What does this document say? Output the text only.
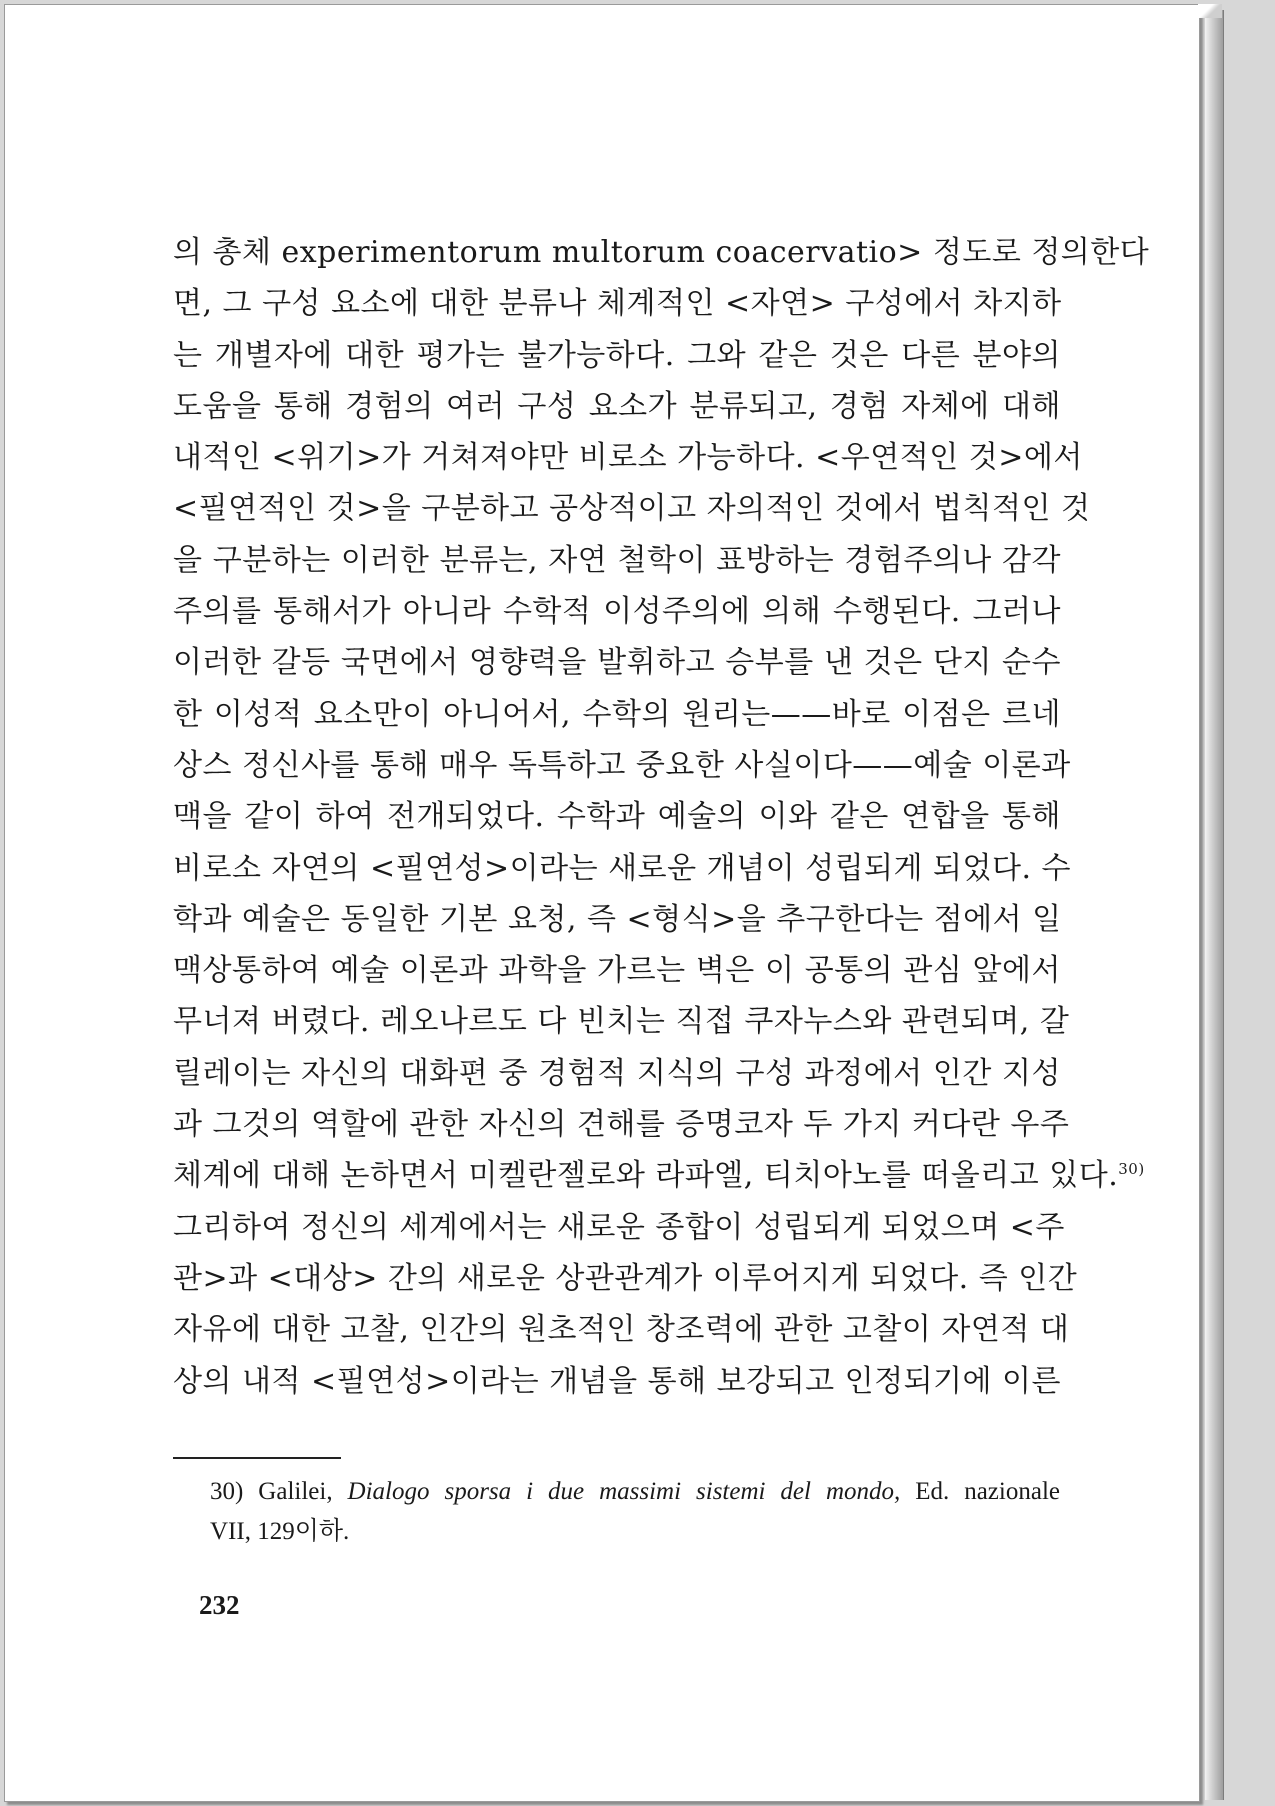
의 총체 experimentorum multorum coacervatio> 정도로 정의한다
면, 그 구성 요소에 대한 분류나 체계적인 <자연> 구성에서 차지하
는 개별자에 대한 평가는 불가능하다. 그와 같은 것은 다른 분야의
도움을 통해 경험의 여러 구성 요소가 분류되고, 경험 자체에 대해
내적인 <위기>가 거쳐져야만 비로소 가능하다. <우연적인 것>에서
<필연적인 것>을 구분하고 공상적이고 자의적인 것에서 법칙적인 것
을 구분하는 이러한 분류는, 자연 철학이 표방하는 경험주의나 감각
주의를 통해서가 아니라 수학적 이성주의에 의해 수행된다. 그러나
이러한 갈등 국면에서 영향력을 발휘하고 승부를 낸 것은 단지 순수
한 이성적 요소만이 아니어서, 수학의 원리는——바로 이점은 르네
상스 정신사를 통해 매우 독특하고 중요한 사실이다——예술 이론과
맥을 같이 하여 전개되었다. 수학과 예술의 이와 같은 연합을 통해
비로소 자연의 <필연성>이라는 새로운 개념이 성립되게 되었다. 수
학과 예술은 동일한 기본 요청, 즉 <형식>을 추구한다는 점에서 일
맥상통하여 예술 이론과 과학을 가르는 벽은 이 공통의 관심 앞에서
무너져 버렸다. 레오나르도 다 빈치는 직접 쿠자누스와 관련되며, 갈
릴레이는 자신의 대화편 중 경험적 지식의 구성 과정에서 인간 지성
과 그것의 역할에 관한 자신의 견해를 증명코자 두 가지 커다란 우주
체계에 대해 논하면서 미켈란젤로와 라파엘, 티치아노를 떠올리고 있다.$^{30)}$
그리하여 정신의 세계에서는 새로운 종합이 성립되게 되었으며 <주
관>과 <대상> 간의 새로운 상관관계가 이루어지게 되었다. 즉 인간
자유에 대한 고찰, 인간의 원초적인 창조력에 관한 고찰이 자연적 대
상의 내적 <필연성>이라는 개념을 통해 보강되고 인정되기에 이른
30) Galilei, Dialogo sporsa i due massimi sistemi del mondo, Ed. nazionale
VII, 129이하.
232
